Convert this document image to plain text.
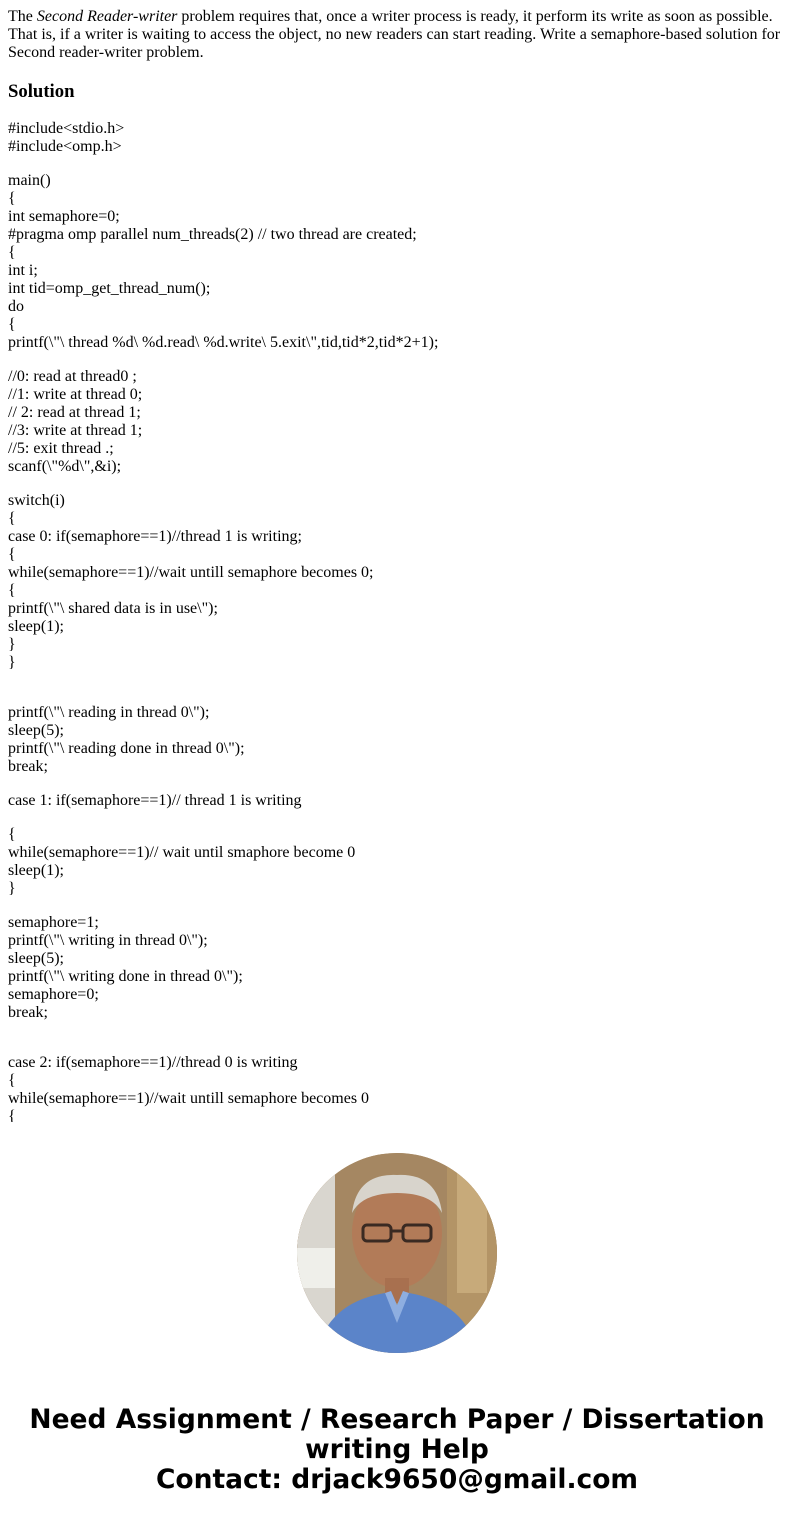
The Second Reader-writer problem requires that, once a writer process is ready, it perform its write as soon as possible. That is, if a writer is waiting to access the object, no new readers can start reading. Write a semaphore-based solution for Second reader-writer problem.

Solution
#include<stdio.h>
#include<omp.h>
main()
{
int semaphore=0;
#pragma omp parallel num_threads(2) // two thread are created;
{
int i;
int tid=omp_get_thread_num();
do
{
printf(\"\ thread %d\ %d.read\ %d.write\ 5.exit\",tid,tid*2,tid*2+1);
//0: read at thread0 ;
//1: write at thread 0;
// 2: read at thread 1;
//3: write at thread 1;
//5: exit thread .;
scanf(\"%d\",&i);
switch(i)
{
case 0: if(semaphore==1)//thread 1 is writing;
{
while(semaphore==1)//wait untill semaphore becomes 0;
{
printf(\"\ shared data is in use\");
sleep(1);
}
}
printf(\"\ reading in thread 0\");
sleep(5);
printf(\"\ reading done in thread 0\");
break;
case 1: if(semaphore==1)// thread 1 is writing
{
while(semaphore==1)// wait until smaphore become 0
sleep(1);
}
semaphore=1;
printf(\"\ writing in thread 0\");
sleep(5);
printf(\"\ writing done in thread 0\");
semaphore=0;
break;
case 2: if(semaphore==1)//thread 0 is writing
{
while(semaphore==1)//wait untill semaphore becomes 0
{
Need Assignment / Research Paper / Dissertation
writing Help
Contact: drjack9650@gmail.com
